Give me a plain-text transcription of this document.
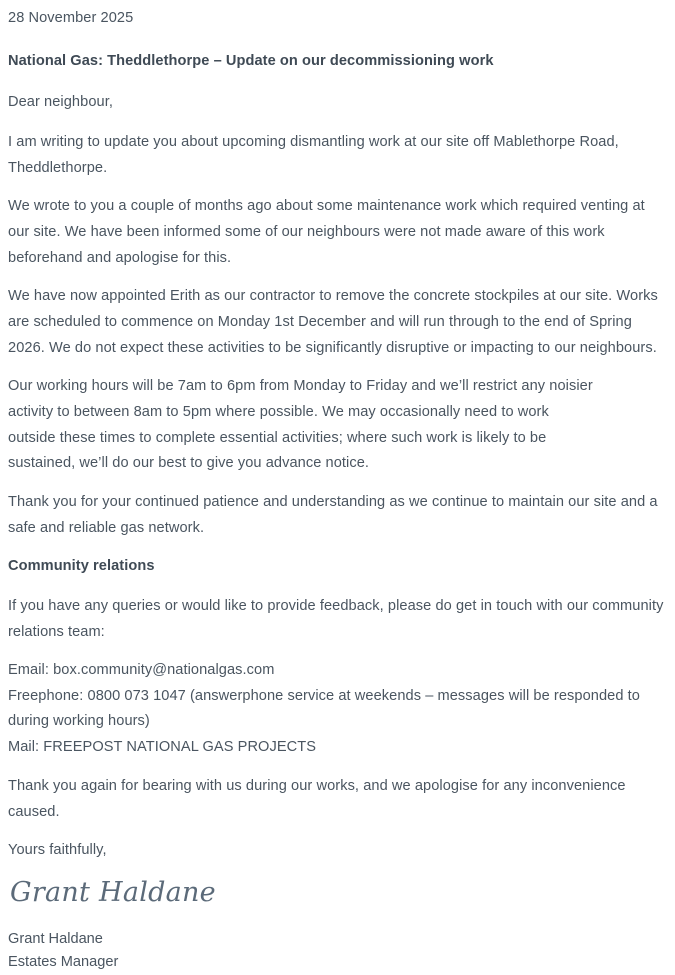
28 November 2025

National Gas: Theddlethorpe – Update on our decommissioning work

Dear neighbour,

I am writing to update you about upcoming dismantling work at our site off Mablethorpe Road, Theddlethorpe.

We wrote to you a couple of months ago about some maintenance work which required venting at our site. We have been informed some of our neighbours were not made aware of this work beforehand and apologise for this.

We have now appointed Erith as our contractor to remove the concrete stockpiles at our site. Works are scheduled to commence on Monday 1st December and will run through to the end of Spring 2026. We do not expect these activities to be significantly disruptive or impacting to our neighbours.

Our working hours will be 7am to 6pm from Monday to Friday and we’ll restrict any noisier
activity to between 8am to 5pm where possible. We may occasionally need to work
outside these times to complete essential activities; where such work is likely to be
sustained, we’ll do our best to give you advance notice.

Thank you for your continued patience and understanding as we continue to maintain our site and a safe and reliable gas network.

Community relations

If you have any queries or would like to provide feedback, please do get in touch with our community relations team:

Email: box.community@nationalgas.com
Freephone: 0800 073 1047 (answerphone service at weekends – messages will be responded to during working hours)
Mail: FREEPOST NATIONAL GAS PROJECTS

Thank you again for bearing with us during our works, and we apologise for any inconvenience caused.

Yours faithfully,

Grant Haldane
Grant Haldane
Estates Manager
